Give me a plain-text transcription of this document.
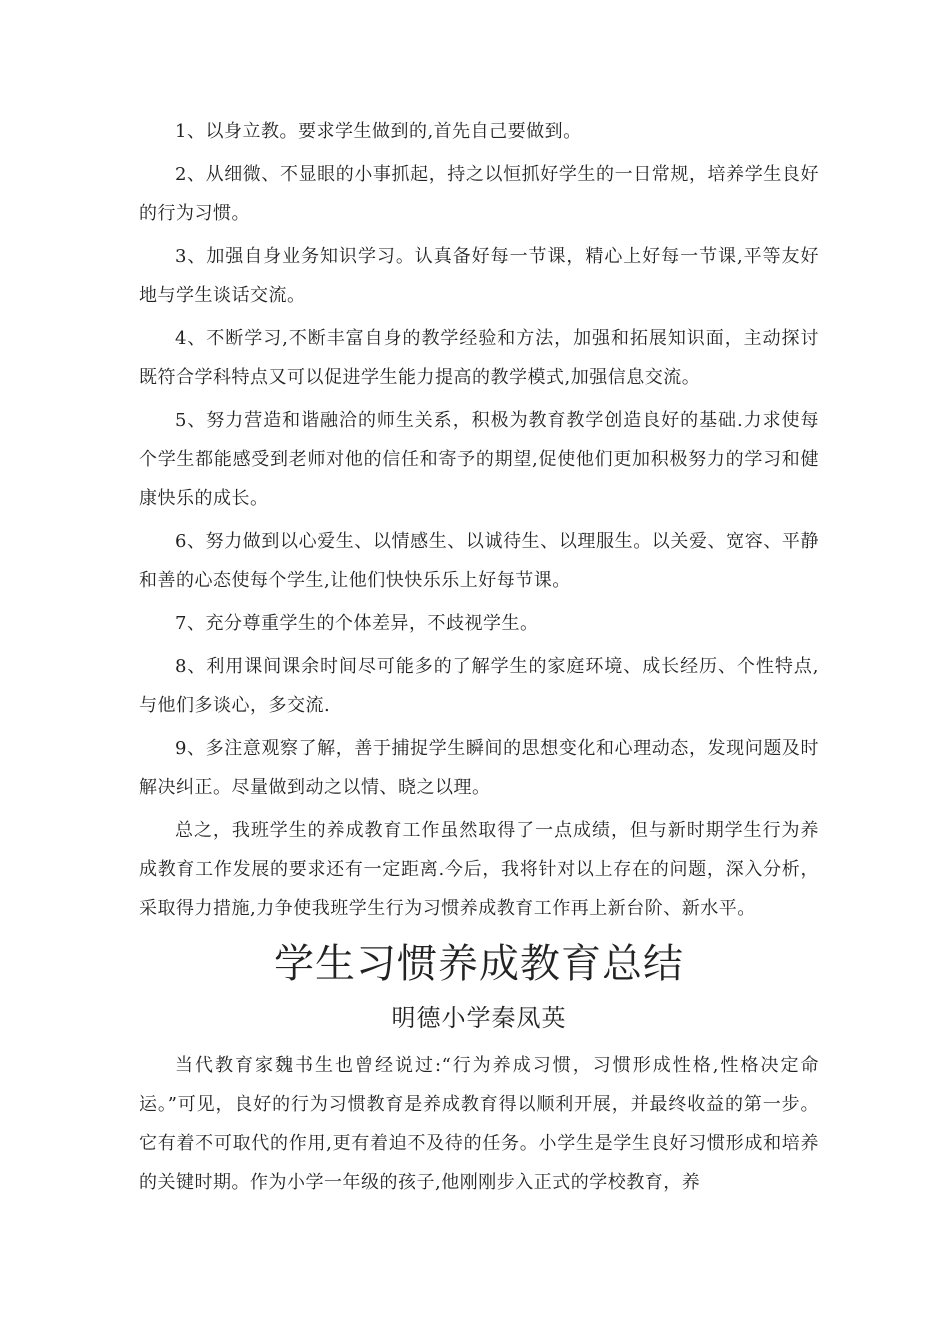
1、以身立教。要求学生做到的,首先自己要做到。

2、从细微、不显眼的小事抓起，持之以恒抓好学生的一日常规，培养学生良好的行为习惯。

3、加强自身业务知识学习。认真备好每一节课，精心上好每一节课,平等友好地与学生谈话交流。

4、不断学习,不断丰富自身的教学经验和方法，加强和拓展知识面，主动探讨既符合学科特点又可以促进学生能力提高的教学模式,加强信息交流。

5、努力营造和谐融洽的师生关系，积极为教育教学创造良好的基础.力求使每个学生都能感受到老师对他的信任和寄予的期望,促使他们更加积极努力的学习和健康快乐的成长。

6、努力做到以心爱生、以情感生、以诚待生、以理服生。以关爱、宽容、平静和善的心态使每个学生,让他们快快乐乐上好每节课。

7、充分尊重学生的个体差异，不歧视学生。

8、利用课间课余时间尽可能多的了解学生的家庭环境、成长经历、个性特点,与他们多谈心，多交流.

9、多注意观察了解，善于捕捉学生瞬间的思想变化和心理动态，发现问题及时解决纠正。尽量做到动之以情、晓之以理。

总之，我班学生的养成教育工作虽然取得了一点成绩，但与新时期学生行为养成教育工作发展的要求还有一定距离.今后，我将针对以上存在的问题，深入分析，采取得力措施,力争使我班学生行为习惯养成教育工作再上新台阶、新水平。

学生习惯养成教育总结
明德小学秦凤英

当代教育家魏书生也曾经说过:“行为养成习惯，习惯形成性格,性格决定命运。”可见，良好的行为习惯教育是养成教育得以顺利开展，并最终收益的第一步。它有着不可取代的作用,更有着迫不及待的任务。小学生是学生良好习惯形成和培养的关键时期。作为小学一年级的孩子,他刚刚步入正式的学校教育，养
